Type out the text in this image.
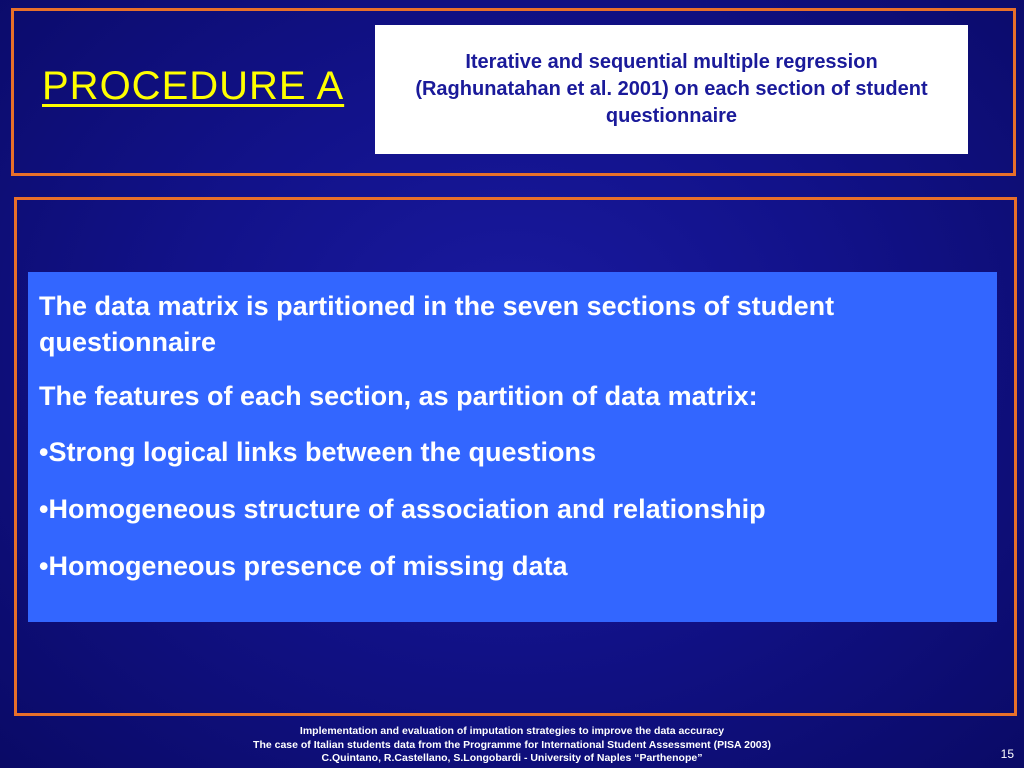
PROCEDURE A
Iterative and sequential multiple regression (Raghunatahan et al. 2001) on each section of student questionnaire

The data matrix is partitioned in the seven sections of student questionnaire

The features of each section, as partition of data matrix:

•Strong logical links between the questions
•Homogeneous structure of association and relationship
•Homogeneous presence of missing data
Implementation and evaluation of imputation strategies to improve the data accuracy
The case of Italian students data from the Programme for International Student Assessment (PISA 2003)
C.Quintano, R.Castellano, S.Longobardi - University of Naples “Parthenope”	15
